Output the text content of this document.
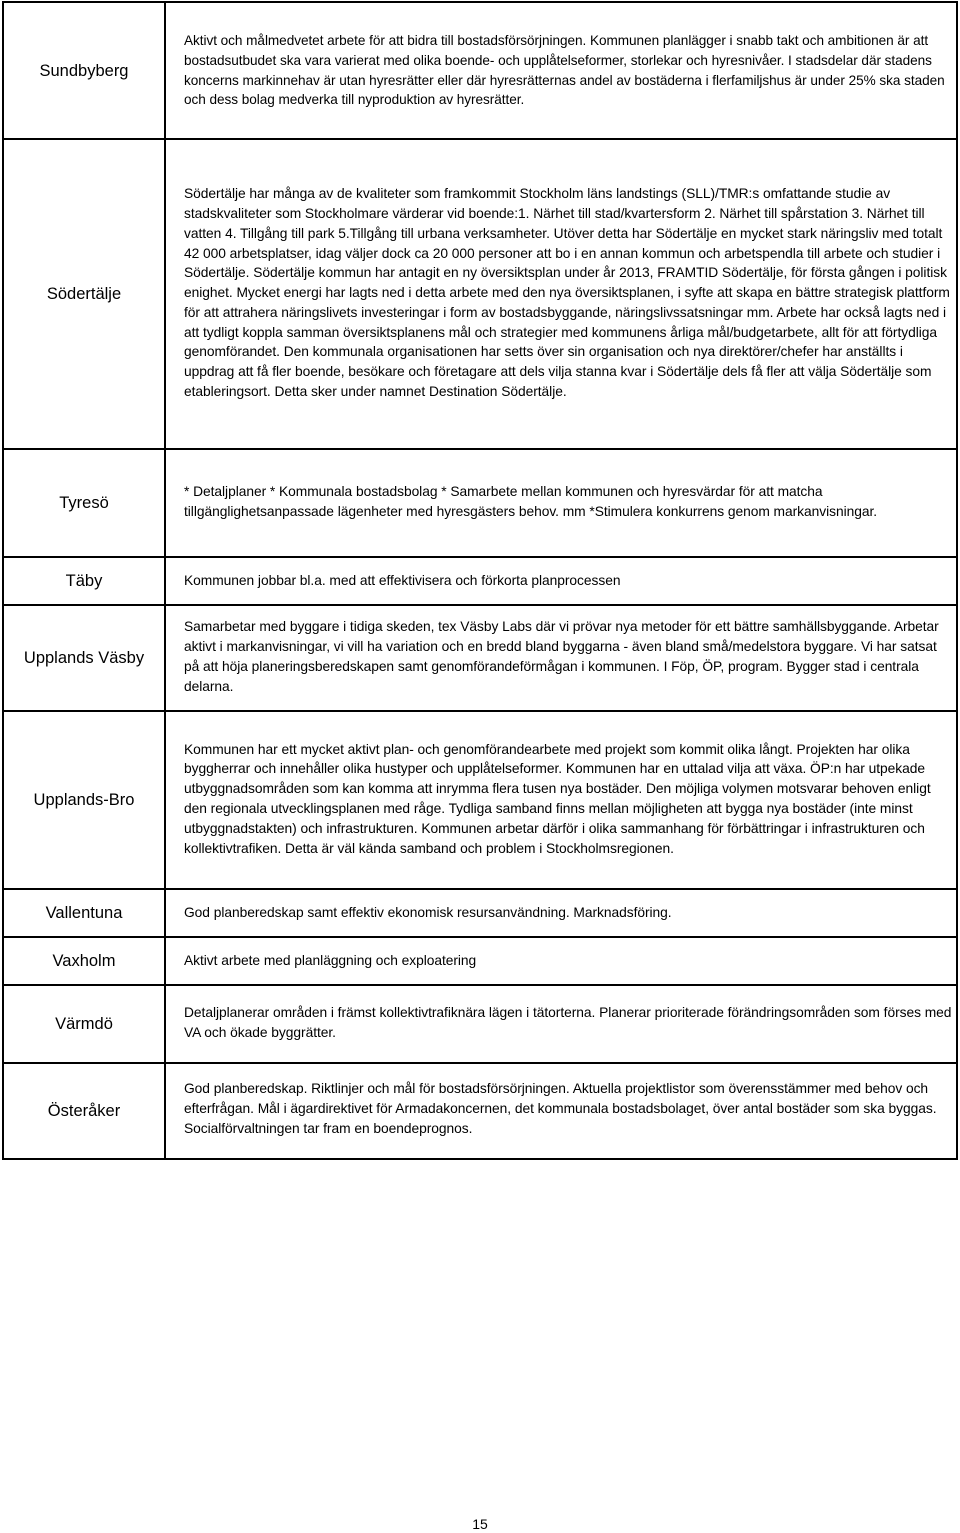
Sundbyberg	Aktivt och målmedvetet arbete för att bidra till bostadsförsörjningen. Kommunen planlägger i snabb takt och ambitionen är att bostadsutbudet ska vara varierat med olika boende- och upplåtelseformer, storlekar och hyresnivåer. I stadsdelar där stadens koncerns markinnehav är utan hyresrätter eller där hyresrätternas andel av bostäderna i flerfamiljshus är under 25% ska staden och dess bolag medverka till nyproduktion av hyresrätter.

Södertälje	Södertälje har många av de kvaliteter som framkommit Stockholm läns landstings (SLL)/TMR:s omfattande studie av stadskvaliteter som Stockholmare värderar vid boende:1. Närhet till stad/kvartersform 2. Närhet till spårstation 3. Närhet till vatten 4. Tillgång till park 5.Tillgång till urbana verksamheter. Utöver detta har Södertälje en mycket stark näringsliv med totalt 42 000 arbetsplatser, idag väljer dock ca 20 000 personer att bo i en annan kommun och arbetspendla till arbete och studier i Södertälje. Södertälje kommun har antagit en ny översiktsplan under år 2013, FRAMTID Södertälje, för första gången i politisk enighet. Mycket energi har lagts ned i detta arbete med den nya översiktsplanen, i syfte att skapa en bättre strategisk plattform för att attrahera näringslivets investeringar i form av bostadsbyggande, näringslivssatsningar mm. Arbete har också lagts ned i att tydligt koppla samman översiktsplanens mål och strategier med kommunens årliga mål/budgetarbete, allt för att förtydliga genomförandet. Den kommunala organisationen har setts över sin organisation och nya direktörer/chefer har anställts i uppdrag att få fler boende, besökare och företagare att dels vilja stanna kvar i Södertälje dels få fler att välja Södertälje som etableringsort. Detta sker under namnet Destination Södertälje.

Tyresö	* Detaljplaner * Kommunala bostadsbolag * Samarbete mellan kommunen och hyresvärdar för att matcha tillgänglighetsanpassade lägenheter med hyresgästers behov. mm *Stimulera konkurrens genom markanvisningar.

Täby	Kommunen jobbar bl.a. med att effektivisera och förkorta planprocessen

Upplands Väsby	Samarbetar med byggare i tidiga skeden, tex Väsby Labs där vi prövar nya metoder för ett bättre samhällsbyggande. Arbetar aktivt i markanvisningar, vi vill ha variation och en bredd bland byggarna - även bland små/medelstora byggare. Vi har satsat på att höja planeringsberedskapen samt genomförandeförmågan i kommunen. I Föp, ÖP, program. Bygger stad i centrala delarna.

Upplands-Bro	Kommunen har ett mycket aktivt plan- och genomförandearbete med projekt som kommit olika långt. Projekten har olika byggherrar och innehåller olika hustyper och upplåtelseformer. Kommunen har en uttalad vilja att växa. ÖP:n har utpekade utbyggnadsområden som kan komma att inrymma flera tusen nya bostäder. Den möjliga volymen motsvarar behoven enligt den regionala utvecklingsplanen med råge. Tydliga samband finns mellan möjligheten att bygga nya bostäder (inte minst utbyggnadstakten) och infrastrukturen. Kommunen arbetar därför i olika sammanhang för förbättringar i infrastrukturen och kollektivtrafiken. Detta är väl kända samband och problem i Stockholmsregionen.

Vallentuna	God planberedskap samt effektiv ekonomisk resursanvändning. Marknadsföring.

Vaxholm	Aktivt arbete med planläggning och exploatering

Värmdö	Detaljplanerar områden i främst kollektivtrafiknära lägen i tätorterna. Planerar prioriterade förändringsområden som förses med VA och ökade byggrätter.

Österåker	God planberedskap. Riktlinjer och mål för bostadsförsörjningen. Aktuella projektlistor som överensstämmer med behov och efterfrågan. Mål i ägardirektivet för Armadakoncernen, det kommunala bostadsbolaget, över antal bostäder som ska byggas. Socialförvaltningen tar fram en boendeprognos.
15
